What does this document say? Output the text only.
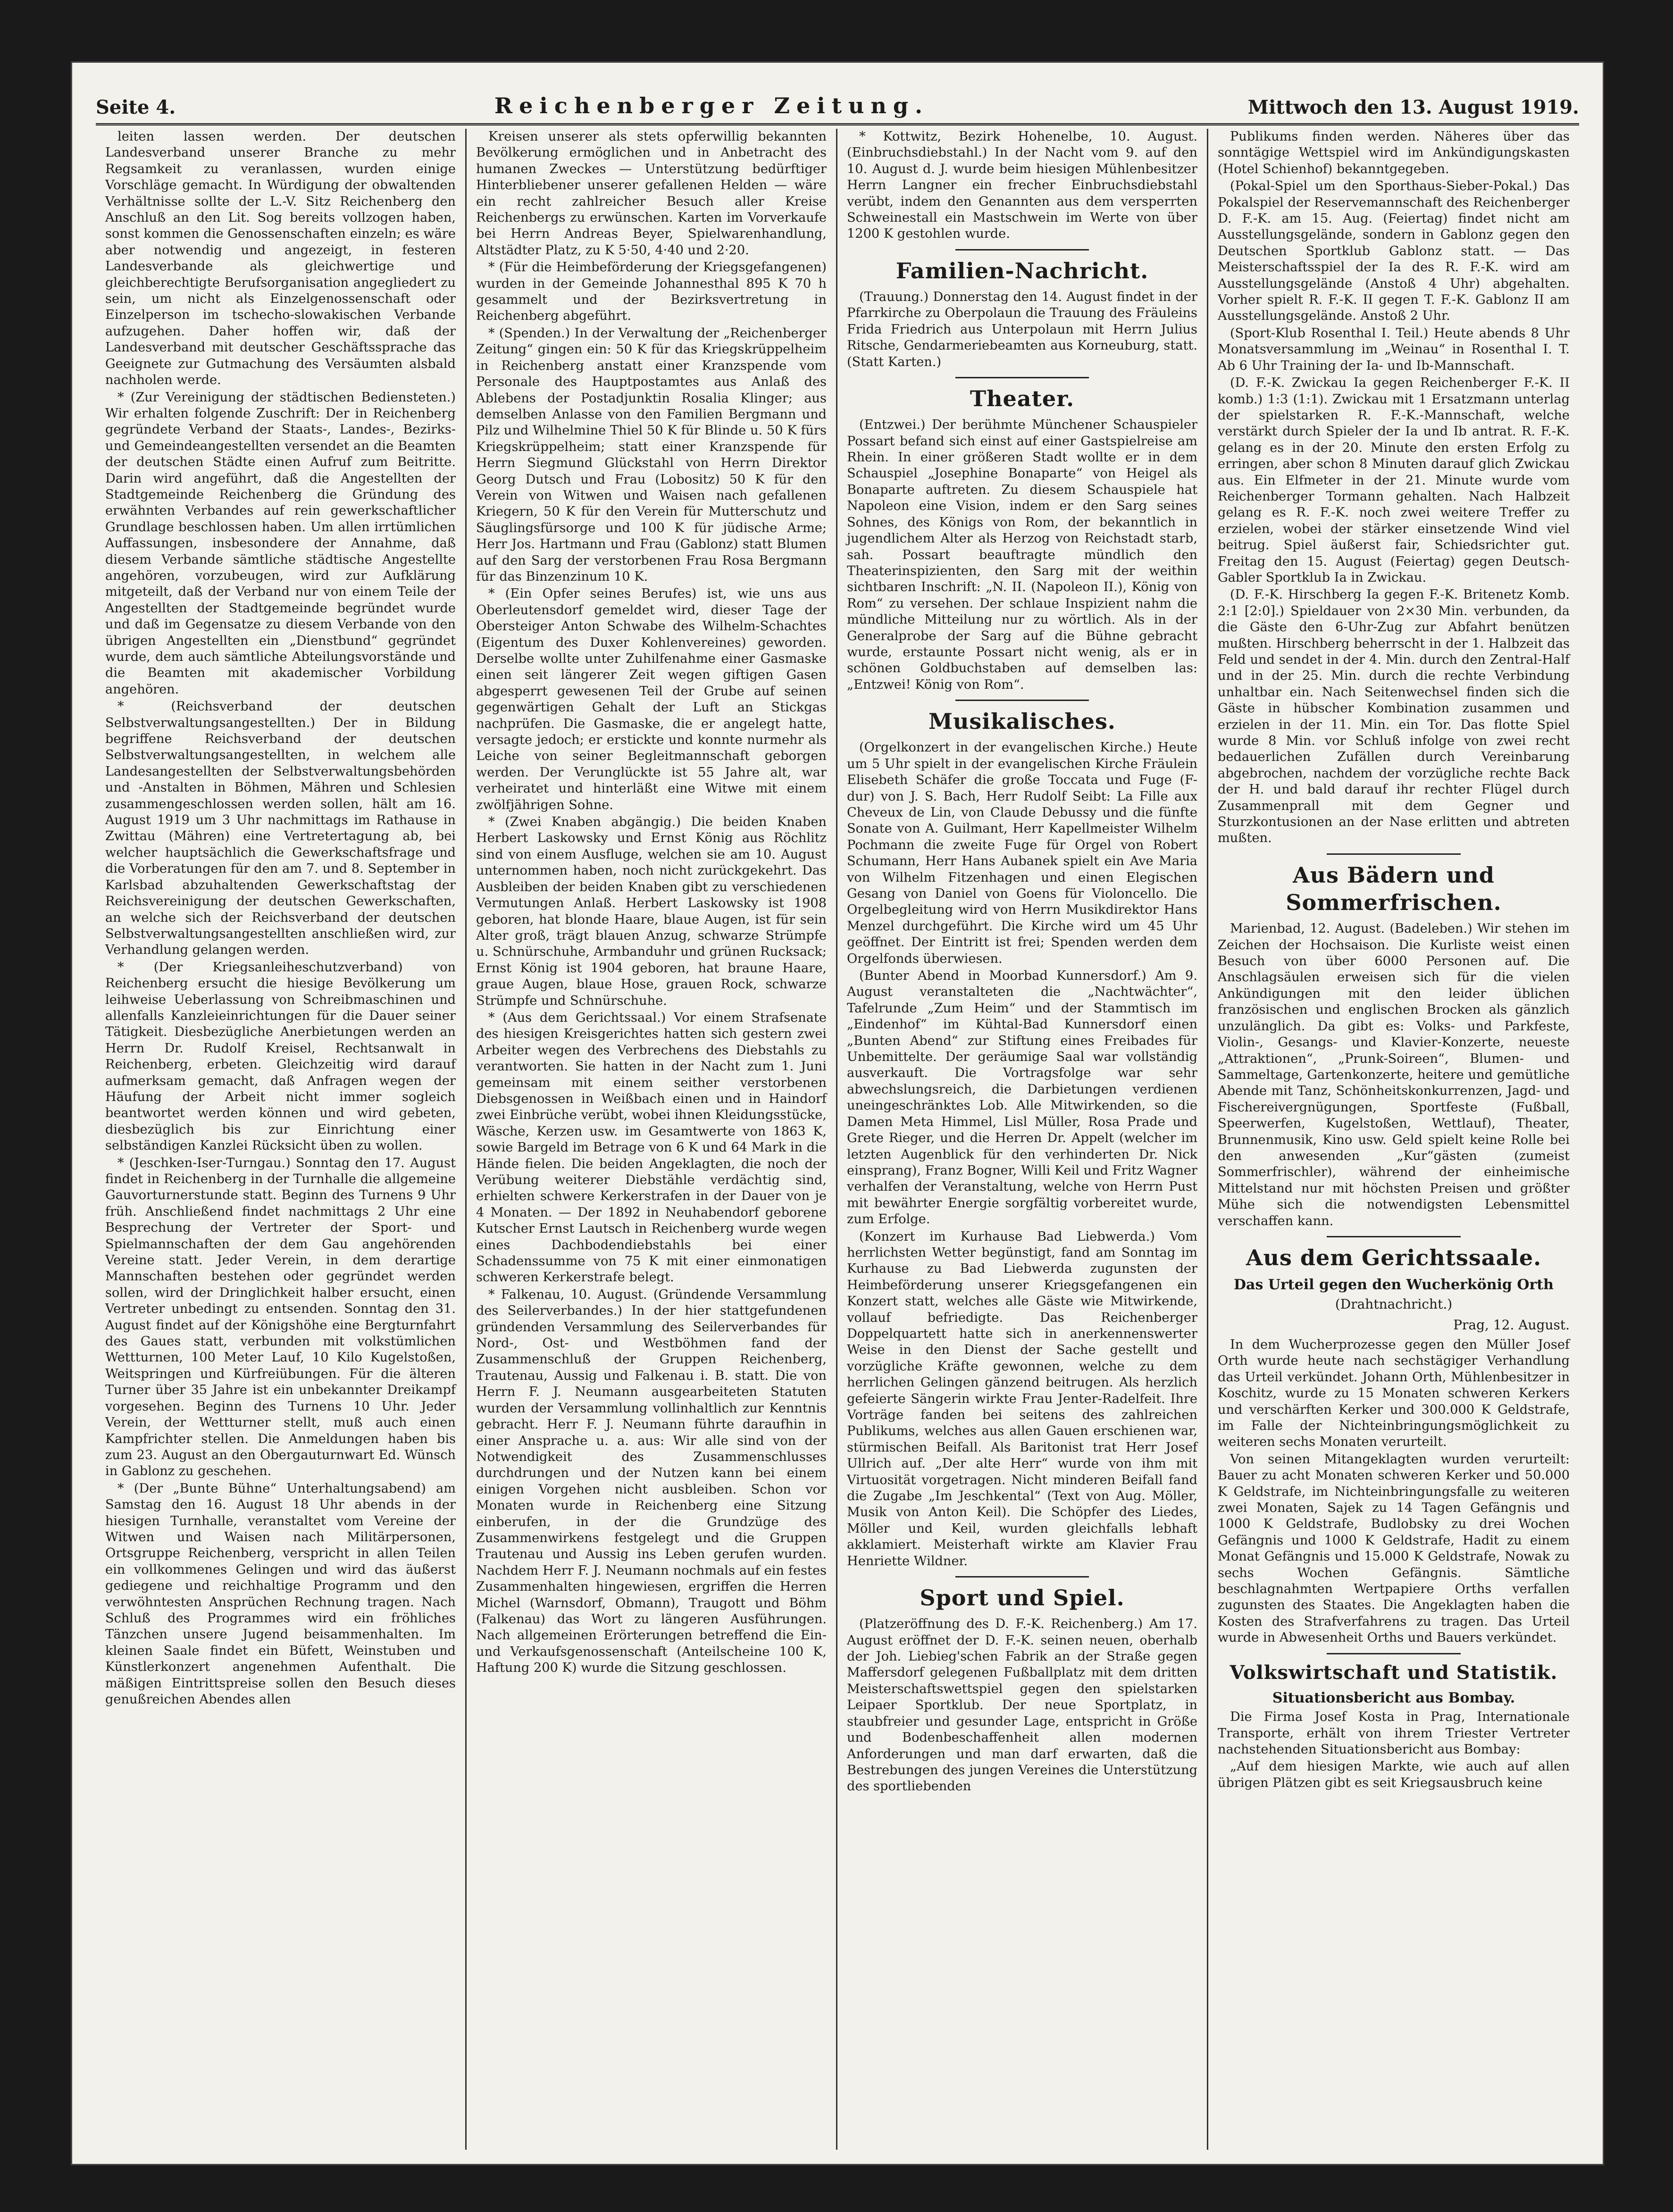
Seite 4.	Reichenberger Zeitung.	Mittwoch den 13. August 1919.

leiten lassen werden. Der deutschen Landesverband unserer Branche zu mehr Regsamkeit zu veranlassen, wurden einige Vorschläge gemacht. In Würdigung der obwaltenden Verhältnisse sollte der L.-V. Sitz Reichenberg den Anschluß an den Lit. Sog bereits vollzogen haben, sonst kommen die Genossenschaften einzeln; es wäre aber notwendig und angezeigt, in festeren Landesverbande als gleichwertige und gleichberechtigte Berufsorganisation angegliedert zu sein, um nicht als Einzelgenossenschaft oder Einzelperson im tschecho-slowakischen Verbande aufzugehen. Daher hoffen wir, daß der Landesverband mit deutscher Geschäftssprache das Geeignete zur Gutmachung des Versäumten alsbald nachholen werde.

* (Zur Vereinigung der städtischen Bediensteten.) Wir erhalten folgende Zuschrift: Der in Reichenberg gegründete Verband der Staats-, Landes-, Bezirks- und Gemeindeangestellten versendet an die Beamten der deutschen Städte einen Aufruf zum Beitritte. Darin wird angeführt, daß die Angestellten der Stadtgemeinde Reichenberg die Gründung des erwähnten Verbandes auf rein gewerkschaftlicher Grundlage beschlossen haben. Um allen irrtümlichen Auffassungen, insbesondere der Annahme, daß diesem Verbande sämtliche städtische Angestellte angehören, vorzubeugen, wird zur Aufklärung mitgeteilt, daß der Verband nur von einem Teile der Angestellten der Stadtgemeinde begründet wurde und daß im Gegensatze zu diesem Verbande von den übrigen Angestellten ein „Dienstbund“ gegründet wurde, dem auch sämtliche Abteilungsvorstände und die Beamten mit akademischer Vorbildung angehören.

* (Reichsverband der deutschen Selbstverwaltungsangestellten.) Der in Bildung begriffene Reichsverband der deutschen Selbstverwaltungsangestellten, in welchem alle Landesangestellten der Selbstverwaltungsbehörden und -Anstalten in Böhmen, Mähren und Schlesien zusammengeschlossen werden sollen, hält am 16. August 1919 um 3 Uhr nachmittags im Rathause in Zwittau (Mähren) eine Vertretertagung ab, bei welcher hauptsächlich die Gewerkschaftsfrage und die Vorberatungen für den am 7. und 8. September in Karlsbad abzuhaltenden Gewerkschaftstag der Reichsvereinigung der deutschen Gewerkschaften, an welche sich der Reichsverband der deutschen Selbstverwaltungsangestellten anschließen wird, zur Verhandlung gelangen werden.

* (Der Kriegsanleiheschutzverband) von Reichenberg ersucht die hiesige Bevölkerung um leihweise Ueberlassung von Schreibmaschinen und allenfalls Kanzleieinrichtungen für die Dauer seiner Tätigkeit. Diesbezügliche Anerbietungen werden an Herrn Dr. Rudolf Kreisel, Rechtsanwalt in Reichenberg, erbeten. Gleichzeitig wird darauf aufmerksam gemacht, daß Anfragen wegen der Häufung der Arbeit nicht immer sogleich beantwortet werden können und wird gebeten, diesbezüglich bis zur Einrichtung einer selbständigen Kanzlei Rücksicht üben zu wollen.

* (Jeschken-Iser-Turngau.) Sonntag den 17. August findet in Reichenberg in der Turnhalle die allgemeine Gauvorturnerstunde statt. Beginn des Turnens 9 Uhr früh. Anschließend findet nachmittags 2 Uhr eine Besprechung der Vertreter der Sport- und Spielmannschaften der dem Gau angehörenden Vereine statt. Jeder Verein, in dem derartige Mannschaften bestehen oder gegründet werden sollen, wird der Dringlichkeit halber ersucht, einen Vertreter unbedingt zu entsenden. Sonntag den 31. August findet auf der Königshöhe eine Bergturnfahrt des Gaues statt, verbunden mit volkstümlichen Wettturnen, 100 Meter Lauf, 10 Kilo Kugelstoßen, Weitspringen und Kürfreiübungen. Für die älteren Turner über 35 Jahre ist ein unbekannter Dreikampf vorgesehen. Beginn des Turnens 10 Uhr. Jeder Verein, der Wettturner stellt, muß auch einen Kampfrichter stellen. Die Anmeldungen haben bis zum 23. August an den Obergauturnwart Ed. Wünsch in Gablonz zu geschehen.

* (Der „Bunte Bühne“ Unterhaltungsabend) am Samstag den 16. August 18 Uhr abends in der hiesigen Turnhalle, veranstaltet vom Vereine der Witwen und Waisen nach Militärpersonen, Ortsgruppe Reichenberg, verspricht in allen Teilen ein vollkommenes Gelingen und wird das äußerst gediegene und reichhaltige Programm und den verwöhntesten Ansprüchen Rechnung tragen. Nach Schluß des Programmes wird ein fröhliches Tänzchen unsere Jugend beisammenhalten. Im kleinen Saale findet ein Büfett, Weinstuben und Künstlerkonzert angenehmen Aufenthalt. Die mäßigen Eintrittspreise sollen den Besuch dieses genußreichen Abendes allen

Kreisen unserer als stets opferwillig bekannten Bevölkerung ermöglichen und in Anbetracht des humanen Zweckes — Unterstützung bedürftiger Hinterbliebener unserer gefallenen Helden — wäre ein recht zahlreicher Besuch aller Kreise Reichenbergs zu erwünschen. Karten im Vorverkaufe bei Herrn Andreas Beyer, Spielwarenhandlung, Altstädter Platz, zu K 5·50, 4·40 und 2·20.

* (Für die Heimbeförderung der Kriegsgefangenen) wurden in der Gemeinde Johannesthal 895 K 70 h gesammelt und der Bezirksvertretung in Reichenberg abgeführt.

* (Spenden.) In der Verwaltung der „Reichenberger Zeitung“ gingen ein: 50 K für das Kriegskrüppelheim in Reichenberg anstatt einer Kranzspende vom Personale des Hauptpostamtes aus Anlaß des Ablebens der Postadjunktin Rosalia Klinger; aus demselben Anlasse von den Familien Bergmann und Pilz und Wilhelmine Thiel 50 K für Blinde u. 50 K fürs Kriegskrüppelheim; statt einer Kranzspende für Herrn Siegmund Glückstahl von Herrn Direktor Georg Dutsch und Frau (Lobositz) 50 K für den Verein von Witwen und Waisen nach gefallenen Kriegern, 50 K für den Verein für Mutterschutz und Säuglingsfürsorge und 100 K für jüdische Arme; Herr Jos. Hartmann und Frau (Gablonz) statt Blumen auf den Sarg der verstorbenen Frau Rosa Bergmann für das Binzenzinum 10 K.

* (Ein Opfer seines Berufes) ist, wie uns aus Oberleutensdorf gemeldet wird, dieser Tage der Obersteiger Anton Schwabe des Wilhelm-Schachtes (Eigentum des Duxer Kohlenvereines) geworden. Derselbe wollte unter Zuhilfenahme einer Gasmaske einen seit längerer Zeit wegen giftigen Gasen abgesperrt gewesenen Teil der Grube auf seinen gegenwärtigen Gehalt der Luft an Stickgas nachprüfen. Die Gasmaske, die er angelegt hatte, versagte jedoch; er erstickte und konnte nurmehr als Leiche von seiner Begleitmannschaft geborgen werden. Der Verunglückte ist 55 Jahre alt, war verheiratet und hinterläßt eine Witwe mit einem zwölfjährigen Sohne.

* (Zwei Knaben abgängig.) Die beiden Knaben Herbert Laskowsky und Ernst König aus Röchlitz sind von einem Ausfluge, welchen sie am 10. August unternommen haben, noch nicht zurückgekehrt. Das Ausbleiben der beiden Knaben gibt zu verschiedenen Vermutungen Anlaß. Herbert Laskowsky ist 1908 geboren, hat blonde Haare, blaue Augen, ist für sein Alter groß, trägt blauen Anzug, schwarze Strümpfe u. Schnürschuhe, Armbanduhr und grünen Rucksack; Ernst König ist 1904 geboren, hat braune Haare, graue Augen, blaue Hose, grauen Rock, schwarze Strümpfe und Schnürschuhe.

* (Aus dem Gerichtssaal.) Vor einem Strafsenate des hiesigen Kreisgerichtes hatten sich gestern zwei Arbeiter wegen des Verbrechens des Diebstahls zu verantworten. Sie hatten in der Nacht zum 1. Juni gemeinsam mit einem seither verstorbenen Diebsgenossen in Weißbach einen und in Haindorf zwei Einbrüche verübt, wobei ihnen Kleidungsstücke, Wäsche, Kerzen usw. im Gesamtwerte von 1863 K, sowie Bargeld im Betrage von 6 K und 64 Mark in die Hände fielen. Die beiden Angeklagten, die noch der Verübung weiterer Diebstähle verdächtig sind, erhielten schwere Kerkerstrafen in der Dauer von je 4 Monaten. — Der 1892 in Neuhabendorf geborene Kutscher Ernst Lautsch in Reichenberg wurde wegen eines Dachbodendiebstahls bei einer Schadenssumme von 75 K mit einer einmonatigen schweren Kerkerstrafe belegt.

* Falkenau, 10. August. (Gründende Versammlung des Seilerverbandes.) In der hier stattgefundenen gründenden Versammlung des Seilerverbandes für Nord-, Ost- und Westböhmen fand der Zusammenschluß der Gruppen Reichenberg, Trautenau, Aussig und Falkenau i. B. statt. Die von Herrn F. J. Neumann ausgearbeiteten Statuten wurden der Versammlung vollinhaltlich zur Kenntnis gebracht. Herr F. J. Neumann führte daraufhin in einer Ansprache u. a. aus: Wir alle sind von der Notwendigkeit des Zusammenschlusses durchdrungen und der Nutzen kann bei einem einigen Vorgehen nicht ausbleiben. Schon vor Monaten wurde in Reichenberg eine Sitzung einberufen, in der die Grundzüge des Zusammenwirkens festgelegt und die Gruppen Trautenau und Aussig ins Leben gerufen wurden. Nachdem Herr F. J. Neumann nochmals auf ein festes Zusammenhalten hingewiesen, ergriffen die Herren Michel (Warnsdorf, Obmann), Traugott und Böhm (Falkenau) das Wort zu längeren Ausführungen. Nach allgemeinen Erörterungen betreffend die Ein- und Verkaufsgenossenschaft (Anteilscheine 100 K, Haftung 200 K) wurde die Sitzung geschlossen.

* Kottwitz, Bezirk Hohenelbe, 10. August. (Einbruchsdiebstahl.) In der Nacht vom 9. auf den 10. August d. J. wurde beim hiesigen Mühlenbesitzer Herrn Langner ein frecher Einbruchsdiebstahl verübt, indem den Genannten aus dem versperrten Schweinestall ein Mastschwein im Werte von über 1200 K gestohlen wurde.

Familien-Nachricht.

(Trauung.) Donnerstag den 14. August findet in der Pfarrkirche zu Oberpolaun die Trauung des Fräuleins Frida Friedrich aus Unterpolaun mit Herrn Julius Ritsche, Gendarmeriebeamten aus Korneuburg, statt. (Statt Karten.)

Theater.

(Entzwei.) Der berühmte Münchener Schauspieler Possart befand sich einst auf einer Gastspielreise am Rhein. In einer größeren Stadt wollte er in dem Schauspiel „Josephine Bonaparte“ von Heigel als Bonaparte auftreten. Zu diesem Schauspiele hat Napoleon eine Vision, indem er den Sarg seines Sohnes, des Königs von Rom, der bekanntlich in jugendlichem Alter als Herzog von Reichstadt starb, sah. Possart beauftragte mündlich den Theaterinspizienten, den Sarg mit der weithin sichtbaren Inschrift: „N. II. (Napoleon II.), König von Rom“ zu versehen. Der schlaue Inspizient nahm die mündliche Mitteilung nur zu wörtlich. Als in der Generalprobe der Sarg auf die Bühne gebracht wurde, erstaunte Possart nicht wenig, als er in schönen Goldbuchstaben auf demselben las: „Entzwei! König von Rom“.

Musikalisches.

(Orgelkonzert in der evangelischen Kirche.) Heute um 5 Uhr spielt in der evangelischen Kirche Fräulein Elisebeth Schäfer die große Toccata und Fuge (F-dur) von J. S. Bach, Herr Rudolf Seibt: La Fille aux Cheveux de Lin, von Claude Debussy und die fünfte Sonate von A. Guilmant, Herr Kapellmeister Wilhelm Pochmann die zweite Fuge für Orgel von Robert Schumann, Herr Hans Aubanek spielt ein Ave Maria von Wilhelm Fitzenhagen und einen Elegischen Gesang von Daniel von Goens für Violoncello. Die Orgelbegleitung wird von Herrn Musikdirektor Hans Menzel durchgeführt. Die Kirche wird um 45 Uhr geöffnet. Der Eintritt ist frei; Spenden werden dem Orgelfonds überwiesen.

(Bunter Abend in Moorbad Kunnersdorf.) Am 9. August veranstalteten die „Nachtwächter“, Tafelrunde „Zum Heim“ und der Stammtisch im „Eindenhof“ im Kühtal-Bad Kunnersdorf einen „Bunten Abend“ zur Stiftung eines Freibades für Unbemittelte. Der geräumige Saal war vollständig ausverkauft. Die Vortragsfolge war sehr abwechslungsreich, die Darbietungen verdienen uneingeschränktes Lob. Alle Mitwirkenden, so die Damen Meta Himmel, Lisl Müller, Rosa Prade und Grete Rieger, und die Herren Dr. Appelt (welcher im letzten Augenblick für den verhinderten Dr. Nick einsprang), Franz Bogner, Willi Keil und Fritz Wagner verhalfen der Veranstaltung, welche von Herrn Pust mit bewährter Energie sorgfältig vorbereitet wurde, zum Erfolge.

(Konzert im Kurhause Bad Liebwerda.) Vom herrlichsten Wetter begünstigt, fand am Sonntag im Kurhause zu Bad Liebwerda zugunsten der Heimbeförderung unserer Kriegsgefangenen ein Konzert statt, welches alle Gäste wie Mitwirkende, vollauf befriedigte. Das Reichenberger Doppelquartett hatte sich in anerkennenswerter Weise in den Dienst der Sache gestellt und vorzügliche Kräfte gewonnen, welche zu dem herrlichen Gelingen gänzend beitrugen. Als herzlich gefeierte Sängerin wirkte Frau Jenter-Radelfeit. Ihre Vorträge fanden bei seitens des zahlreichen Publikums, welches aus allen Gauen erschienen war, stürmischen Beifall. Als Baritonist trat Herr Josef Ullrich auf. „Der alte Herr“ wurde von ihm mit Virtuosität vorgetragen. Nicht minderen Beifall fand die Zugabe „Im Jeschkental“ (Text von Aug. Möller, Musik von Anton Keil). Die Schöpfer des Liedes, Möller und Keil, wurden gleichfalls lebhaft akklamiert. Meisterhaft wirkte am Klavier Frau Henriette Wildner.

Sport und Spiel.

(Platzeröffnung des D. F.-K. Reichenberg.) Am 17. August eröffnet der D. F.-K. seinen neuen, oberhalb der Joh. Liebieg'schen Fabrik an der Straße gegen Maffersdorf gelegenen Fußballplatz mit dem dritten Meisterschaftswettspiel gegen den spielstarken Leipaer Sportklub. Der neue Sportplatz, in staubfreier und gesunder Lage, entspricht in Größe und Bodenbeschaffenheit allen modernen Anforderungen und man darf erwarten, daß die Bestrebungen des jungen Vereines die Unterstützung des sportliebenden

Publikums finden werden. Näheres über das sonntägige Wettspiel wird im Ankündigungskasten (Hotel Schienhof) bekanntgegeben.

(Pokal-Spiel um den Sporthaus-Sieber-Pokal.) Das Pokalspiel der Reservemannschaft des Reichenberger D. F.-K. am 15. Aug. (Feiertag) findet nicht am Ausstellungsgelände, sondern in Gablonz gegen den Deutschen Sportklub Gablonz statt. — Das Meisterschaftsspiel der Ia des R. F.-K. wird am Ausstellungsgelände (Anstoß 4 Uhr) abgehalten. Vorher spielt R. F.-K. II gegen T. F.-K. Gablonz II am Ausstellungsgelände. Anstoß 2 Uhr.

(Sport-Klub Rosenthal I. Teil.) Heute abends 8 Uhr Monatsversammlung im „Weinau“ in Rosenthal I. T. Ab 6 Uhr Training der Ia- und Ib-Mannschaft.

(D. F.-K. Zwickau Ia gegen Reichenberger F.-K. II komb.) 1:3 (1:1). Zwickau mit 1 Ersatzmann unterlag der spielstarken R. F.-K.-Mannschaft, welche verstärkt durch Spieler der Ia und Ib antrat. R. F.-K. gelang es in der 20. Minute den ersten Erfolg zu erringen, aber schon 8 Minuten darauf glich Zwickau aus. Ein Elfmeter in der 21. Minute wurde vom Reichenberger Tormann gehalten. Nach Halbzeit gelang es R. F.-K. noch zwei weitere Treffer zu erzielen, wobei der stärker einsetzende Wind viel beitrug. Spiel äußerst fair, Schiedsrichter gut. Freitag den 15. August (Feiertag) gegen Deutsch-Gabler Sportklub Ia in Zwickau.

(D. F.-K. Hirschberg Ia gegen F.-K. Britenetz Komb. 2:1 [2:0].) Spieldauer von 2×30 Min. verbunden, da die Gäste den 6-Uhr-Zug zur Abfahrt benützen mußten. Hirschberg beherrscht in der 1. Halbzeit das Feld und sendet in der 4. Min. durch den Zentral-Half und in der 25. Min. durch die rechte Verbindung unhaltbar ein. Nach Seitenwechsel finden sich die Gäste in hübscher Kombination zusammen und erzielen in der 11. Min. ein Tor. Das flotte Spiel wurde 8 Min. vor Schluß infolge von zwei recht bedauerlichen Zufällen durch Vereinbarung abgebrochen, nachdem der vorzügliche rechte Back der H. und bald darauf ihr rechter Flügel durch Zusammenprall mit dem Gegner und Sturzkontusionen an der Nase erlitten und abtreten mußten.

Aus Bädern und Sommerfrischen.

Marienbad, 12. August. (Badeleben.) Wir stehen im Zeichen der Hochsaison. Die Kurliste weist einen Besuch von über 6000 Personen auf. Die Anschlagsäulen erweisen sich für die vielen Ankündigungen mit den leider üblichen französischen und englischen Brocken als gänzlich unzulänglich. Da gibt es: Volks- und Parkfeste, Violin-, Gesangs- und Klavier-Konzerte, neueste „Attraktionen“, „Prunk-Soireen“, Blumen- und Sammeltage, Gartenkonzerte, heitere und gemütliche Abende mit Tanz, Schönheitskonkurrenzen, Jagd- und Fischereivergnügungen, Sportfeste (Fußball, Speerwerfen, Kugelstoßen, Wettlauf), Theater, Brunnenmusik, Kino usw. Geld spielt keine Rolle bei den anwesenden „Kur“gästen (zumeist Sommerfrischler), während der einheimische Mittelstand nur mit höchsten Preisen und größter Mühe sich die notwendigsten Lebensmittel verschaffen kann.

Aus dem Gerichtssaale.
Das Urteil gegen den Wucherkönig Orth
(Drahtnachricht.)
Prag, 12. August.

In dem Wucherprozesse gegen den Müller Josef Orth wurde heute nach sechstägiger Verhandlung das Urteil verkündet. Johann Orth, Mühlenbesitzer in Koschitz, wurde zu 15 Monaten schweren Kerkers und verschärften Kerker und 300.000 K Geldstrafe, im Falle der Nichteinbringungsmöglichkeit zu weiteren sechs Monaten verurteilt.

Von seinen Mitangeklagten wurden verurteilt: Bauer zu acht Monaten schweren Kerker und 50.000 K Geldstrafe, im Nichteinbringungsfalle zu weiteren zwei Monaten, Sajek zu 14 Tagen Gefängnis und 1000 K Geldstrafe, Budlobsky zu drei Wochen Gefängnis und 1000 K Geldstrafe, Hadit zu einem Monat Gefängnis und 15.000 K Geldstrafe, Nowak zu sechs Wochen Gefängnis. Sämtliche beschlagnahmten Wertpapiere Orths verfallen zugunsten des Staates. Die Angeklagten haben die Kosten des Strafverfahrens zu tragen. Das Urteil wurde in Abwesenheit Orths und Bauers verkündet.

Volkswirtschaft und Statistik.
Situationsbericht aus Bombay.

Die Firma Josef Kosta in Prag, Internationale Transporte, erhält von ihrem Triester Vertreter nachstehenden Situationsbericht aus Bombay:

„Auf dem hiesigen Markte, wie auch auf allen übrigen Plätzen gibt es seit Kriegsausbruch keine
